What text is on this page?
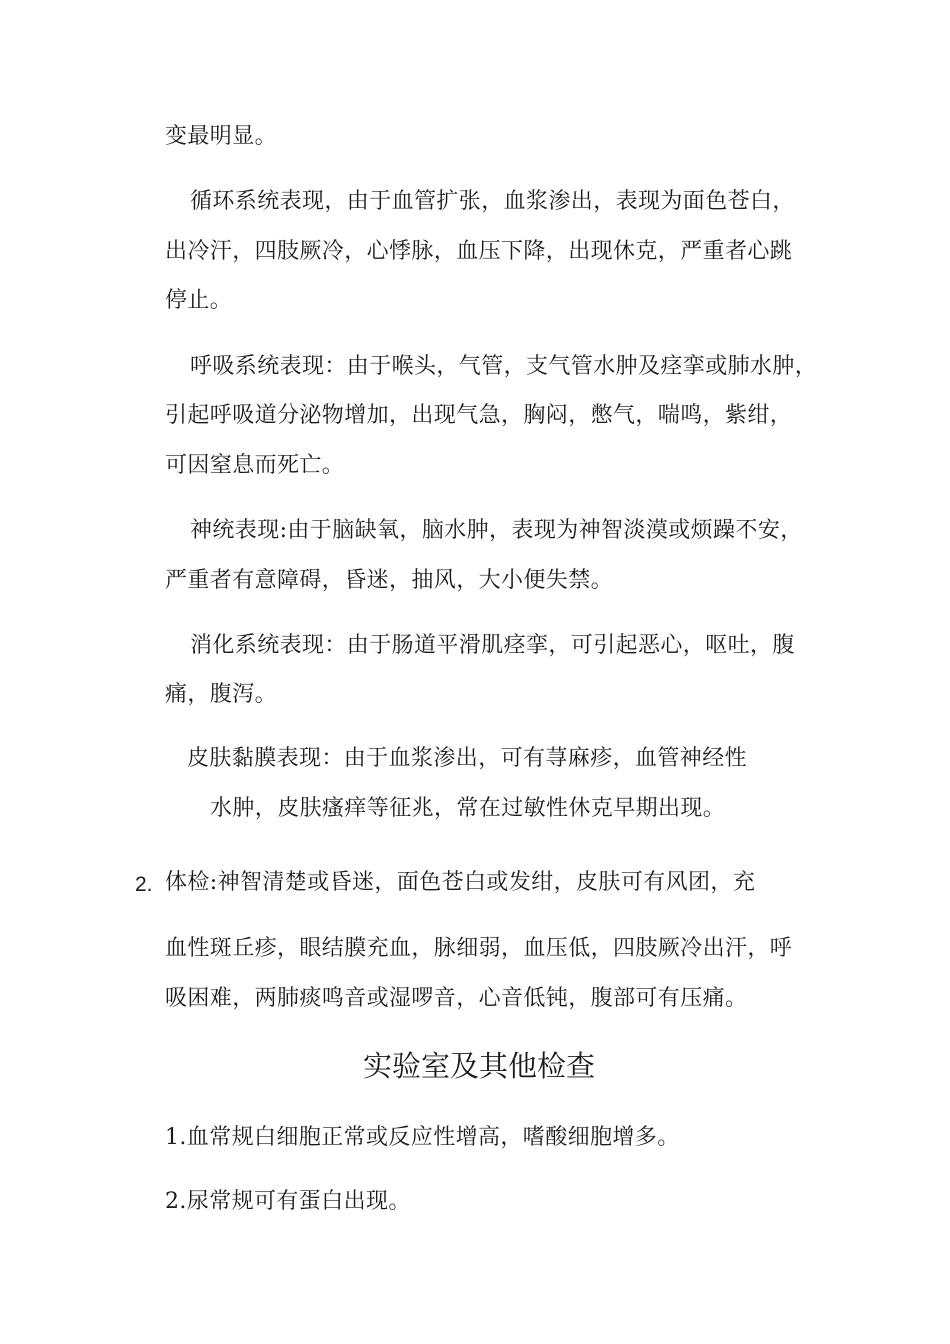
变最明显。
循环系统表现，由于血管扩张，血浆渗出，表现为面色苍白，
出冷汗，四肢厥冷，心悸脉，血压下降，出现休克，严重者心跳
停止。
呼吸系统表现：由于喉头，气管，支气管水肿及痉挛或肺水肿，
引起呼吸道分泌物增加，出现气急，胸闷，憋气，喘鸣，紫绀，
可因窒息而死亡。
神统表现:由于脑缺氧，脑水肿，表现为神智淡漠或烦躁不安，
严重者有意障碍，昏迷，抽风，大小便失禁。
消化系统表现：由于肠道平滑肌痉挛，可引起恶心，呕吐，腹
痛，腹泻。
皮肤黏膜表现：由于血浆渗出，可有荨麻疹，血管神经性
水肿，皮肤瘙痒等征兆，常在过敏性休克早期出现。
2. 体检:神智清楚或昏迷，面色苍白或发绀，皮肤可有风团，充
血性斑丘疹，眼结膜充血，脉细弱，血压低，四肢厥冷出汗，呼
吸困难，两肺痰鸣音或湿啰音，心音低钝，腹部可有压痛。
实验室及其他检查
1.血常规白细胞正常或反应性增高，嗜酸细胞增多。
2.尿常规可有蛋白出现。
